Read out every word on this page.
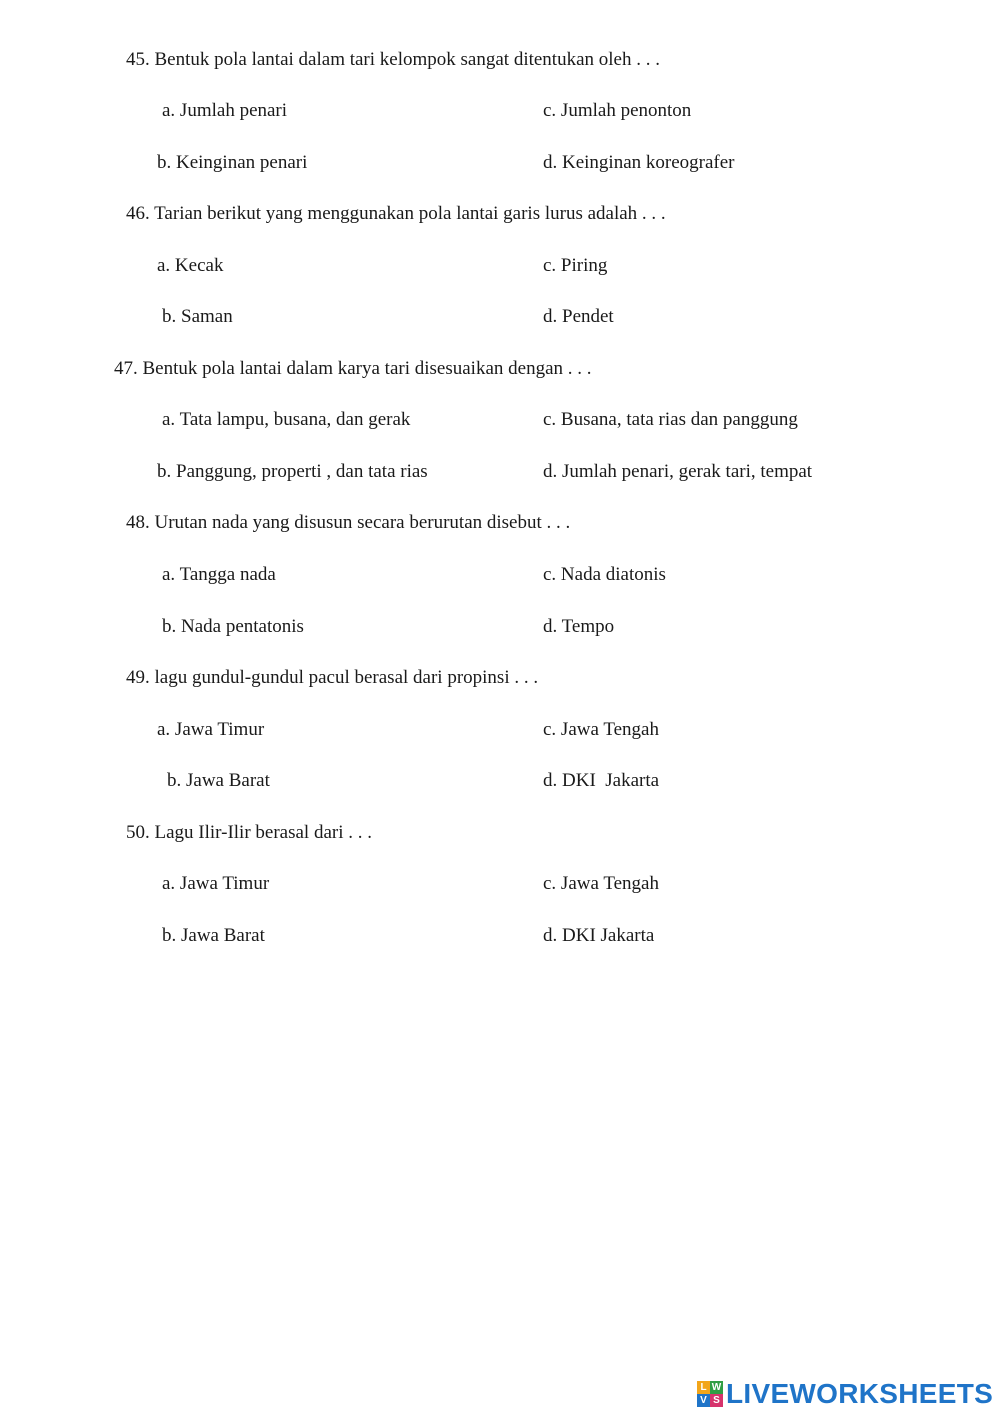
45. Bentuk pola lantai dalam tari kelompok sangat ditentukan oleh . . .
a. Jumlah penari	c. Jumlah penonton
b. Keinginan penari	d. Keinginan koreografer
46. Tarian berikut yang menggunakan pola lantai garis lurus adalah . . .
a. Kecak	c. Piring
b. Saman	d. Pendet
47. Bentuk pola lantai dalam karya tari disesuaikan dengan . . .
a. Tata lampu, busana, dan gerak	c. Busana, tata rias dan panggung
b. Panggung, properti , dan tata rias	d. Jumlah penari, gerak tari, tempat
48. Urutan nada yang disusun secara berurutan disebut . . .
a. Tangga nada	c. Nada diatonis
b. Nada pentatonis	d. Tempo
49. lagu gundul-gundul pacul berasal dari propinsi . . .
a. Jawa Timur	c. Jawa Tengah
b. Jawa Barat	d. DKI  Jakarta
50. Lagu Ilir-Ilir berasal dari . . .
a. Jawa Timur	c. Jawa Tengah
b. Jawa Barat	d. DKI Jakarta
L W
V S LIVEWORKSHEETS
